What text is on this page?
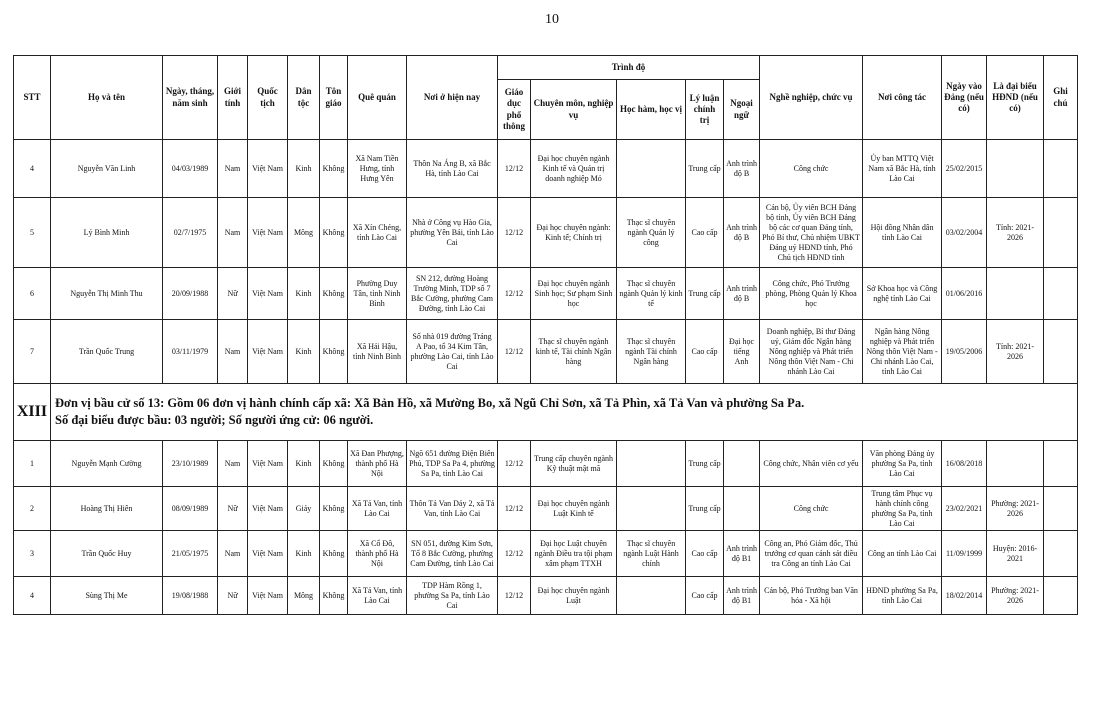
10
STT	Họ và tên	Ngày, tháng, năm sinh	Giới tính	Quốc tịch	Dân tộc	Tôn giáo	Quê quán	Nơi ở hiện nay	Trình độ					Nghề nghiệp, chức vụ	Nơi công tác	Ngày vào Đảng (nếu có)	Là đại biểu HĐND (nếu có)	Ghi chú
									Giáo dục phổ thông	Chuyên môn, nghiệp vụ	Học hàm, học vị	Lý luận chính trị	Ngoại ngữ					
4	Nguyễn Văn Linh	04/03/1989	Nam	Việt Nam	Kinh	Không	Xã Nam Tiền Hưng, tỉnh Hưng Yên	Thôn Na Áng B, xã Bắc Hà, tỉnh Lào Cai	12/12	Đại học chuyên ngành Kinh tế và Quản trị doanh nghiệp Mỏ		Trung cấp	Anh trình độ B	Công chức	Ủy ban MTTQ Việt Nam xã Bắc Hà, tỉnh Lào Cai	25/02/2015		
5	Lý Bình Minh	02/7/1975	Nam	Việt Nam	Mông	Không	Xã Xín Chéng, tỉnh Lào Cai	Nhà ở Công vụ Hào Gia, phường Yên Bái, tỉnh Lào Cai	12/12	Đại học chuyên ngành: Kinh tế; Chính trị	Thạc sĩ chuyên ngành Quản lý công	Cao cấp	Anh trình độ B	Cán bộ, Ủy viên BCH Đảng bộ tỉnh, Ủy viên BCH Đảng bộ các cơ quan Đảng tỉnh, Phó Bí thư, Chủ nhiệm UBKT Đảng uỷ HĐND tỉnh, Phó Chủ tịch HĐND tỉnh	Hội đồng Nhân dân tỉnh Lào Cai	03/02/2004	Tỉnh: 2021-2026	
6	Nguyễn Thị Minh Thu	20/09/1988	Nữ	Việt Nam	Kinh	Không	Phường Duy Tân, tỉnh Ninh Bình	SN 212, đường Hoàng Trường Minh, TDP số 7 Bắc Cường, phường Cam Đường, tỉnh Lào Cai	12/12	Đại học chuyên ngành Sinh học; Sư phạm Sinh học	Thạc sĩ chuyên ngành Quản lý kinh tế	Trung cấp	Anh trình độ B	Công chức, Phó Trưởng phòng, Phòng Quản lý Khoa học	Sở Khoa học và Công nghệ tỉnh Lào Cai	01/06/2016		
7	Trần Quốc Trung	03/11/1979	Nam	Việt Nam	Kinh	Không	Xã Hải Hậu, tỉnh Ninh Bình	Số nhà 019 đường Tráng A Pao, tổ 34 Kim Tân, phường Lào Cai, tỉnh Lào Cai	12/12	Thạc sĩ chuyên ngành kinh tế, Tài chính Ngân hàng	Thạc sĩ chuyên ngành Tài chính Ngân hàng	Cao cấp	Đại học tiếng Anh	Doanh nghiệp, Bí thư Đảng uỷ, Giám đốc Ngân hàng Nông nghiệp và Phát triển Nông thôn Việt Nam - Chi nhánh Lào Cai	Ngân hàng Nông nghiệp và Phát triển Nông thôn Việt Nam - Chi nhánh Lào Cai, tỉnh Lào Cai	19/05/2006	Tỉnh: 2021-2026	
XIII	Đơn vị bầu cử số 13: Gồm 06 đơn vị hành chính cấp xã: Xã Bản Hồ, xã Mường Bo, xã Ngũ Chỉ Sơn, xã Tả Phìn, xã Tả Van và phường Sa Pa.
Số đại biểu được bầu: 03 người; Số người ứng cử: 06 người.																	

1	Nguyễn Mạnh Cường	23/10/1989	Nam	Việt Nam	Kinh	Không	Xã Đan Phượng, thành phố Hà Nội	Ngõ 651 đường Điện Biên Phủ, TDP Sa Pa 4, phường Sa Pa, tỉnh Lào Cai	12/12	Trung cấp chuyên ngành Kỹ thuật mật mã		Trung cấp		Công chức, Nhân viên cơ yếu	Văn phòng Đảng ủy phường Sa Pa, tỉnh Lào Cai	16/08/2018		
2	Hoàng Thị Hiên	08/09/1989	Nữ	Việt Nam	Giáy	Không	Xã Tả Van, tỉnh Lào Cai	Thôn Tả Van Dáy 2, xã Tả Van, tỉnh Lào Cai	12/12	Đại học chuyên ngành Luật Kinh tế		Trung cấp		Công chức	Trung tâm Phục vụ hành chính công phường Sa Pa, tỉnh Lào Cai	23/02/2021	Phường: 2021-2026	
3	Trần Quốc Huy	21/05/1975	Nam	Việt Nam	Kinh	Không	Xã Cổ Đô, thành phố Hà Nội	SN 051, đường Kim Sơn, Tổ 8 Bắc Cường, phường Cam Đường, tỉnh Lào Cai	12/12	Đại học Luật chuyên ngành Điều tra tội phạm xâm phạm TTXH	Thạc sĩ chuyên ngành Luật Hành chính	Cao cấp	Anh trình độ B1	Công an, Phó Giám đốc, Thủ trưởng cơ quan cảnh sát điều tra Công an tỉnh Lào Cai	Công an tỉnh Lào Cai	11/09/1999	Huyện: 2016-2021	
4	Sùng Thị Me	19/08/1988	Nữ	Việt Nam	Mông	Không	Xã Tả Van, tỉnh Lào Cai	TDP Hàm Rồng 1, phường Sa Pa, tỉnh Lào Cai	12/12	Đại học chuyên ngành Luật		Cao cấp	Anh trình độ B1	Cán bộ, Phó Trưởng ban Văn hóa - Xã hội	HĐND phường Sa Pa, tỉnh Lào Cai	18/02/2014	Phường: 2021-2026	
